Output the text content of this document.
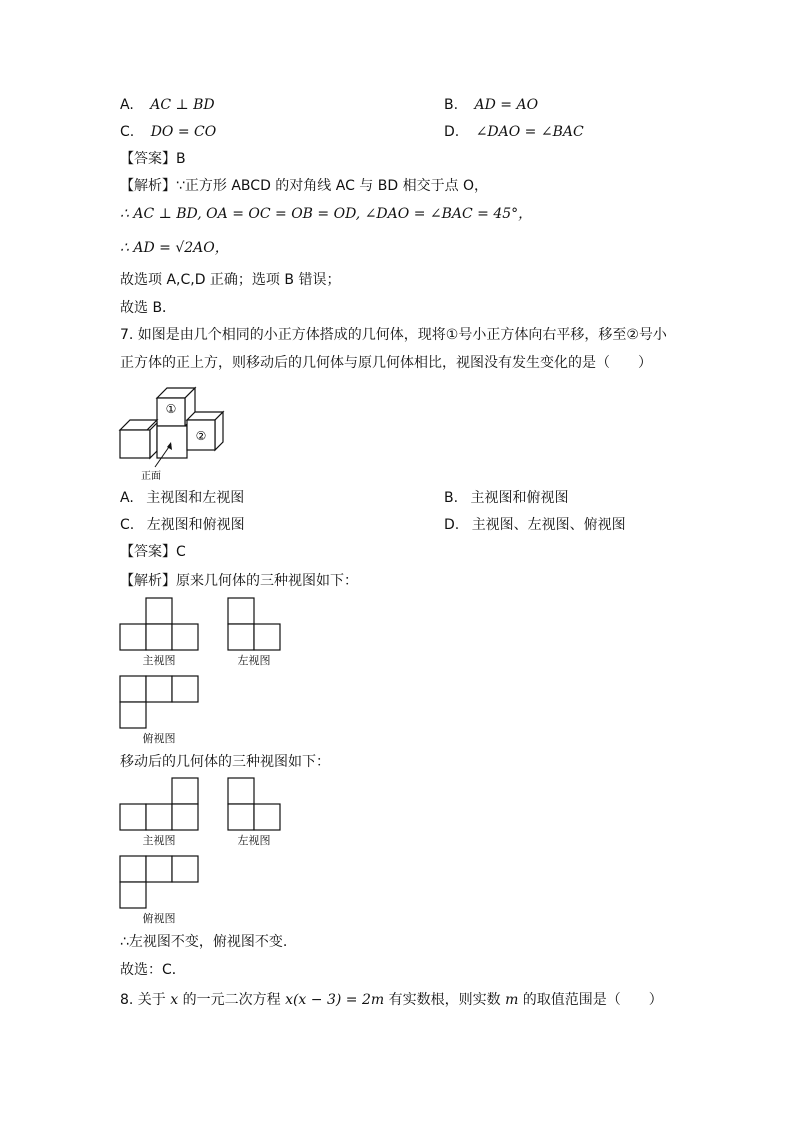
A. AC ⊥ BD	B. AD = AO
C. DO = CO	D. ∠DAO = ∠BAC
【答案】B
【解析】∵正方形 ABCD 的对角线 AC 与 BD 相交于点 O，
∴ AC ⊥ BD, OA = OC = OB = OD, ∠DAO = ∠BAC = 45°，
∴ AD = √2AO，
故选项 A,C,D 正确；选项 B 错误；
故选 B．
7. 如图是由几个相同的小正方体搭成的几何体，现将①号小正方体向右平移，移至②号小
正方体的正上方，则移动后的几何体与原几何体相比，视图没有发生变化的是（　　）
①
②
正面
A. 主视图和左视图	B. 主视图和俯视图
C. 左视图和俯视图	D. 主视图、左视图、俯视图
【答案】C
【解析】原来几何体的三种视图如下：
主视图	左视图
俯视图
移动后的几何体的三种视图如下：
主视图	左视图
俯视图
∴左视图不变，俯视图不变.
故选：C．
8. 关于 x 的一元二次方程 x(x − 3) = 2m 有实数根，则实数 m 的取值范围是（　　）
